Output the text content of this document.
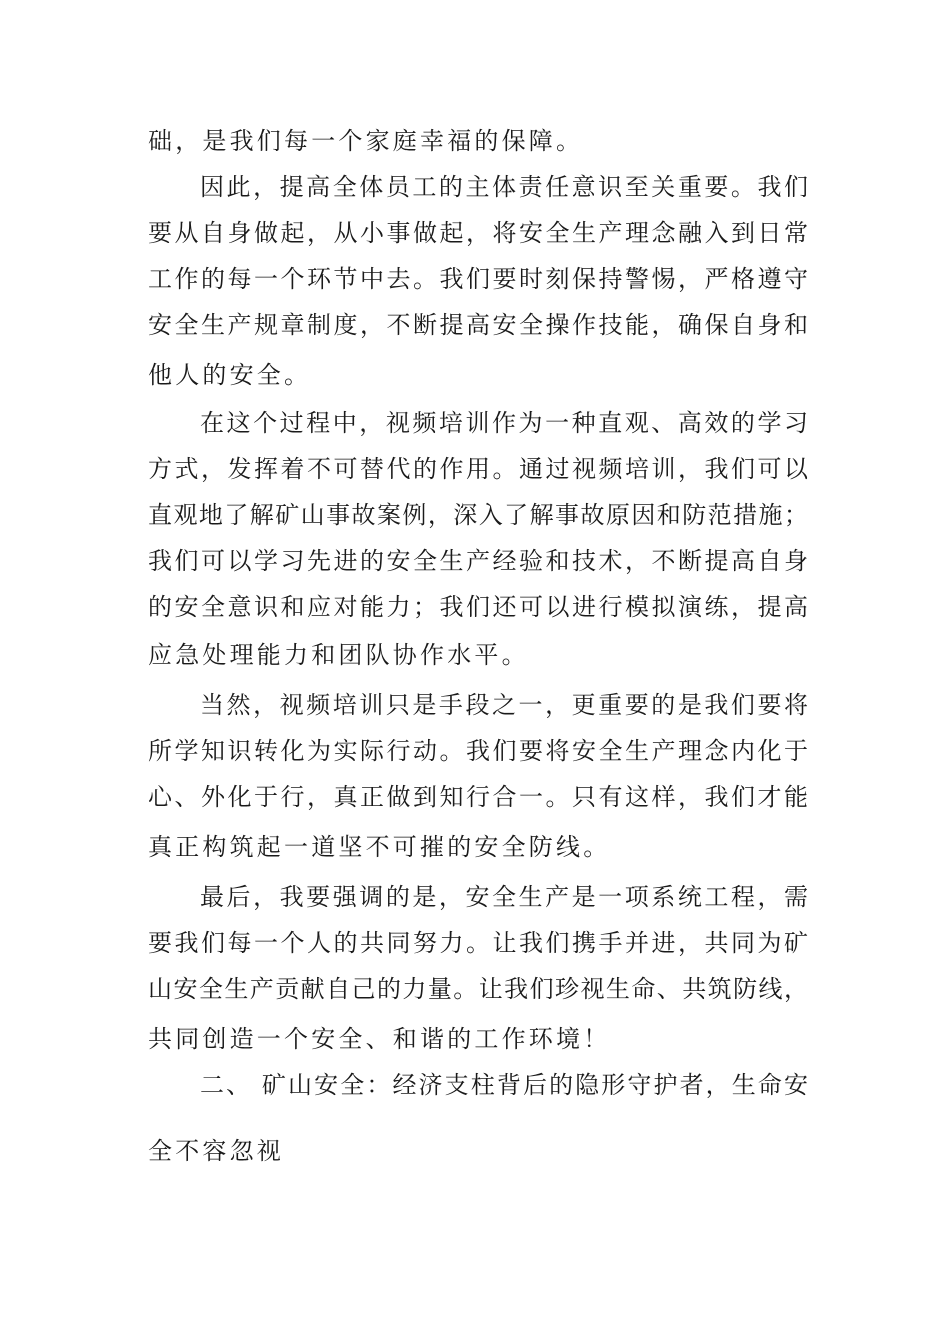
础，是我们每一个家庭幸福的保障。
因此，提高全体员工的主体责任意识至关重要。我们
要从自身做起，从小事做起，将安全生产理念融入到日常
工作的每一个环节中去。我们要时刻保持警惕，严格遵守
安全生产规章制度，不断提高安全操作技能，确保自身和
他人的安全。
在这个过程中，视频培训作为一种直观、高效的学习
方式，发挥着不可替代的作用。通过视频培训，我们可以
直观地了解矿山事故案例，深入了解事故原因和防范措施；
我们可以学习先进的安全生产经验和技术，不断提高自身
的安全意识和应对能力；我们还可以进行模拟演练，提高
应急处理能力和团队协作水平。
当然，视频培训只是手段之一，更重要的是我们要将
所学知识转化为实际行动。我们要将安全生产理念内化于
心、外化于行，真正做到知行合一。只有这样，我们才能
真正构筑起一道坚不可摧的安全防线。
最后，我要强调的是，安全生产是一项系统工程，需
要我们每一个人的共同努力。让我们携手并进，共同为矿
山安全生产贡献自己的力量。让我们珍视生命、共筑防线，
共同创造一个安全、和谐的工作环境！
二、 矿山安全：经济支柱背后的隐形守护者，生命安
全不容忽视
